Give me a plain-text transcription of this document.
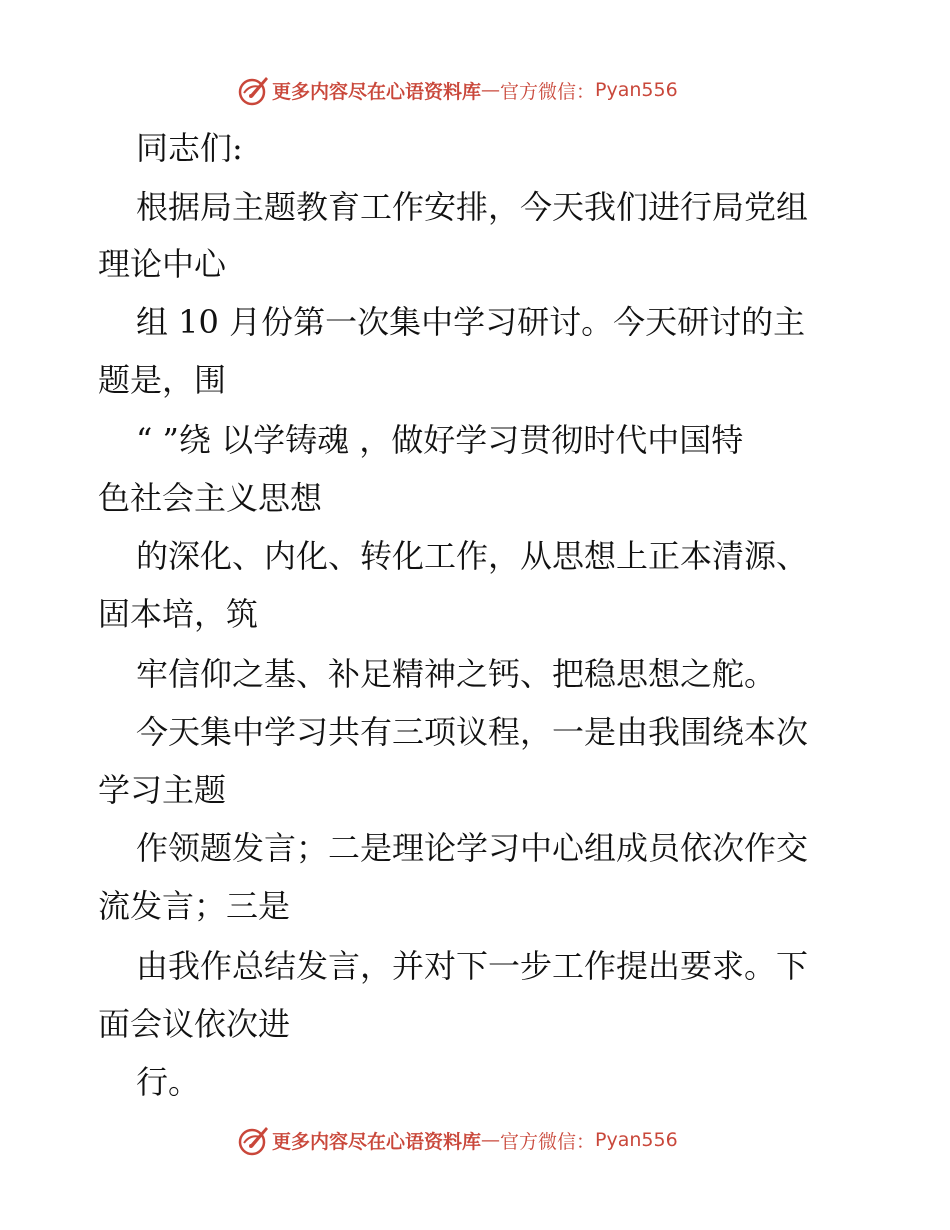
更多内容尽在心语资料库 — 官方微信： Pyan556
同志们:
根据局主题教育工作安排，今天我们进行局党组
理论中心
组 10 月份第一次集中学习研讨。今天研讨的主
题是，围
“ ”绕 以学铸魂 ，做好学习贯彻时代中国特
色社会主义思想
的深化、内化、转化工作，从思想上正本清源、
固本培，筑
牢信仰之基、补足精神之钙、把稳思想之舵。
今天集中学习共有三项议程，一是由我围绕本次
学习主题
作领题发言；二是理论学习中心组成员依次作交
流发言；三是
由我作总结发言，并对下一步工作提出要求。下
面会议依次进
行。
更多内容尽在心语资料库 — 官方微信： Pyan556
